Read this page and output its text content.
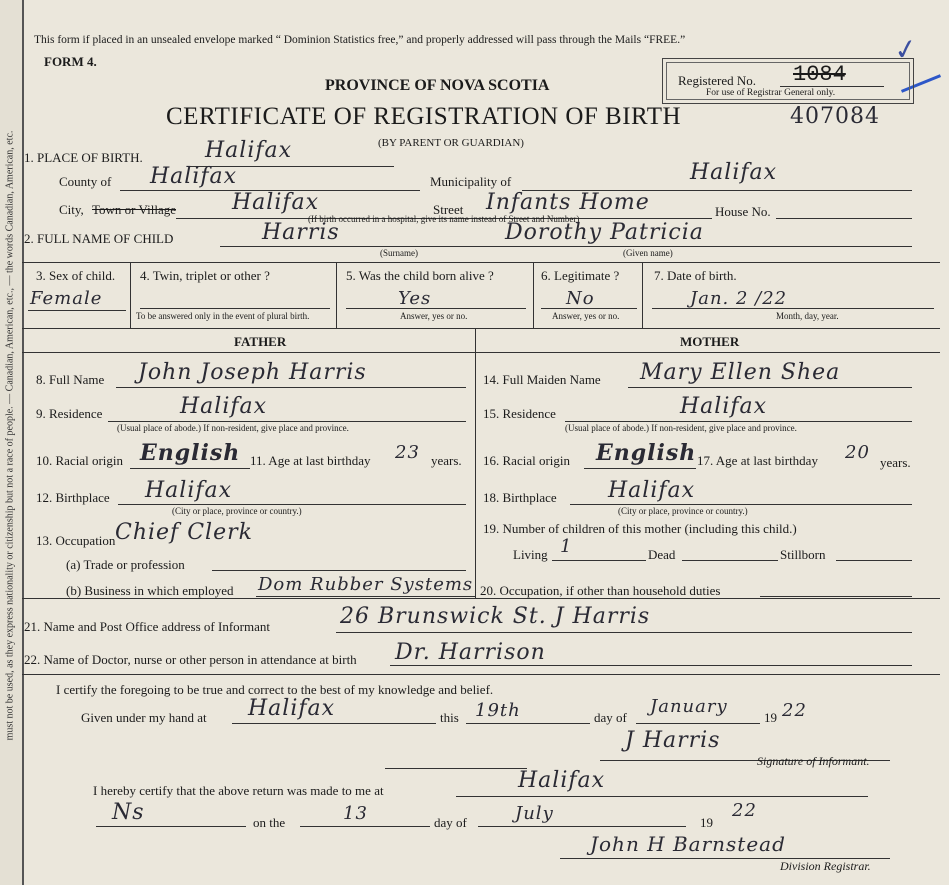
must not be used, as they express nationality or citizenship but not a race of people. — Canadian, American, etc., — the words Canadian, American, etc.
✓
This form if placed in an unsealed envelope marked “ Dominion Statistics free,” and properly addressed will pass through the Mails “FREE.”
FORM 4.
PROVINCE OF NOVA SCOTIA
CERTIFICATE OF REGISTRATION OF BIRTH
(BY PARENT OR GUARDIAN)
407084
Registered No. 1084
For use of Registrar General only.
1. PLACE OF BIRTH.	Halifax
County of Halifax	Municipality of	Halifax
City, Town or Village	Halifax	Street Infants Home	House No.
(If birth occurred in a hospital, give its name instead of Street and Number)
2. FULL NAME OF CHILD	Harris	Dorothy Patricia
(Surname)	(Given name)
3. Sex of child.
Female
4. Twin, triplet or other ?
To be answered only in the event of plural birth.
5. Was the child born alive ?
Yes
Answer, yes or no.
6. Legitimate ?
No
Answer, yes or no.
7. Date of birth.
Jan. 2 /22
Month, day, year.
FATHER	MOTHER
8. Full Name John Joseph Harris
9. Residence	Halifax
(Usual place of abode.) If non-resident, give place and province.
10. Racial origin English 11. Age at last birthday 23 years.
12. Birthplace Halifax
(City or place, province or country.)
13. Occupation Chief Clerk
(a) Trade or profession
(b) Business in which employed Dom Rubber Systems
14. Full Maiden Name Mary Ellen Shea
15. Residence	Halifax
(Usual place of abode.) If non-resident, give place and province.
16. Racial origin English 17. Age at last birthday 20 years.
18. Birthplace Halifax
(City or place, province or country.)
19. Number of children of this mother (including this child.)
Living 1	Dead	Stillborn
20. Occupation, if other than household duties
21. Name and Post Office address of Informant	26 Brunswick St. J Harris
22. Name of Doctor, nurse or other person in attendance at birth Dr. Harrison
I certify the foregoing to be true and correct to the best of my knowledge and belief.
Given under my hand at Halifax	this 19th	day of
January
19 22
J Harris
Signature of Informant.
I hereby certify that the above return was made to me at	Halifax
Ns	on the	13	day of	July	19
22
John H Barnstead
Division Registrar.
